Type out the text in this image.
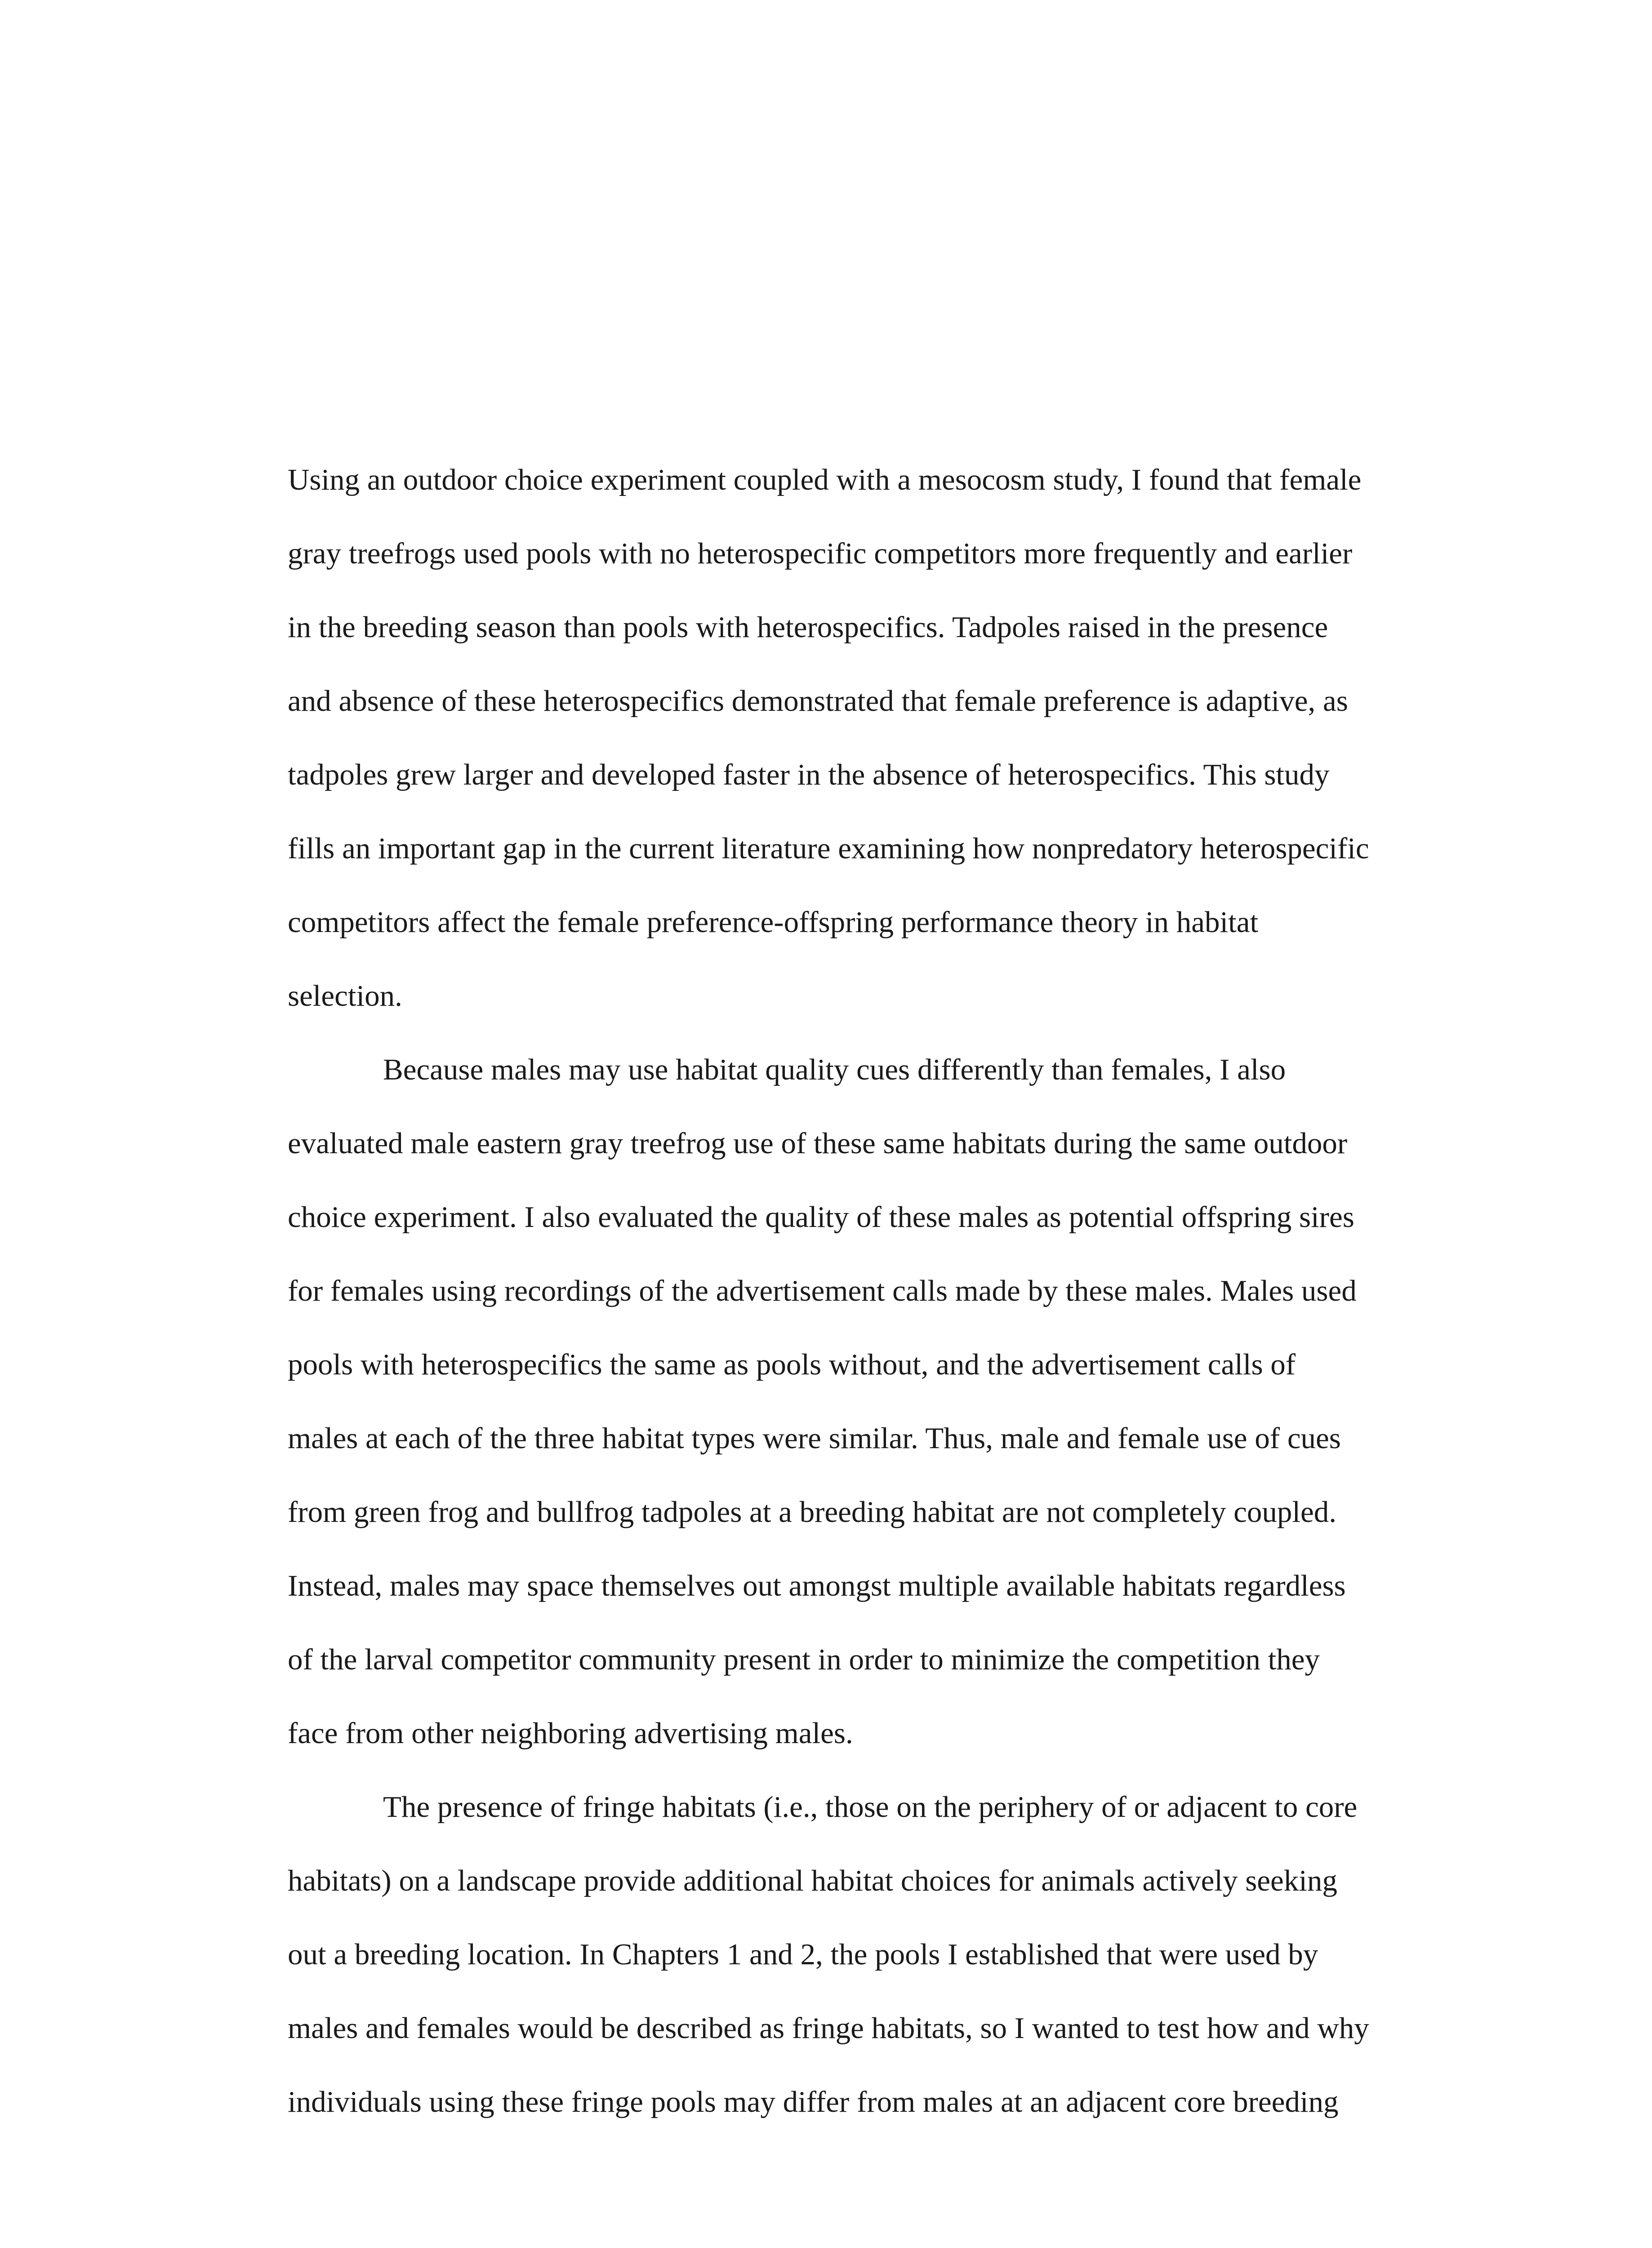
Using an outdoor choice experiment coupled with a mesocosm study, I found that female
gray treefrogs used pools with no heterospecific competitors more frequently and earlier
in the breeding season than pools with heterospecifics. Tadpoles raised in the presence
and absence of these heterospecifics demonstrated that female preference is adaptive, as
tadpoles grew larger and developed faster in the absence of heterospecifics. This study
fills an important gap in the current literature examining how nonpredatory heterospecific
competitors affect the female preference-offspring performance theory in habitat
selection.

Because males may use habitat quality cues differently than females, I also
evaluated male eastern gray treefrog use of these same habitats during the same outdoor
choice experiment. I also evaluated the quality of these males as potential offspring sires
for females using recordings of the advertisement calls made by these males. Males used
pools with heterospecifics the same as pools without, and the advertisement calls of
males at each of the three habitat types were similar. Thus, male and female use of cues
from green frog and bullfrog tadpoles at a breeding habitat are not completely coupled.
Instead, males may space themselves out amongst multiple available habitats regardless
of the larval competitor community present in order to minimize the competition they
face from other neighboring advertising males.

The presence of fringe habitats (i.e., those on the periphery of or adjacent to core
habitats) on a landscape provide additional habitat choices for animals actively seeking
out a breeding location. In Chapters 1 and 2, the pools I established that were used by
males and females would be described as fringe habitats, so I wanted to test how and why
individuals using these fringe pools may differ from males at an adjacent core breeding
